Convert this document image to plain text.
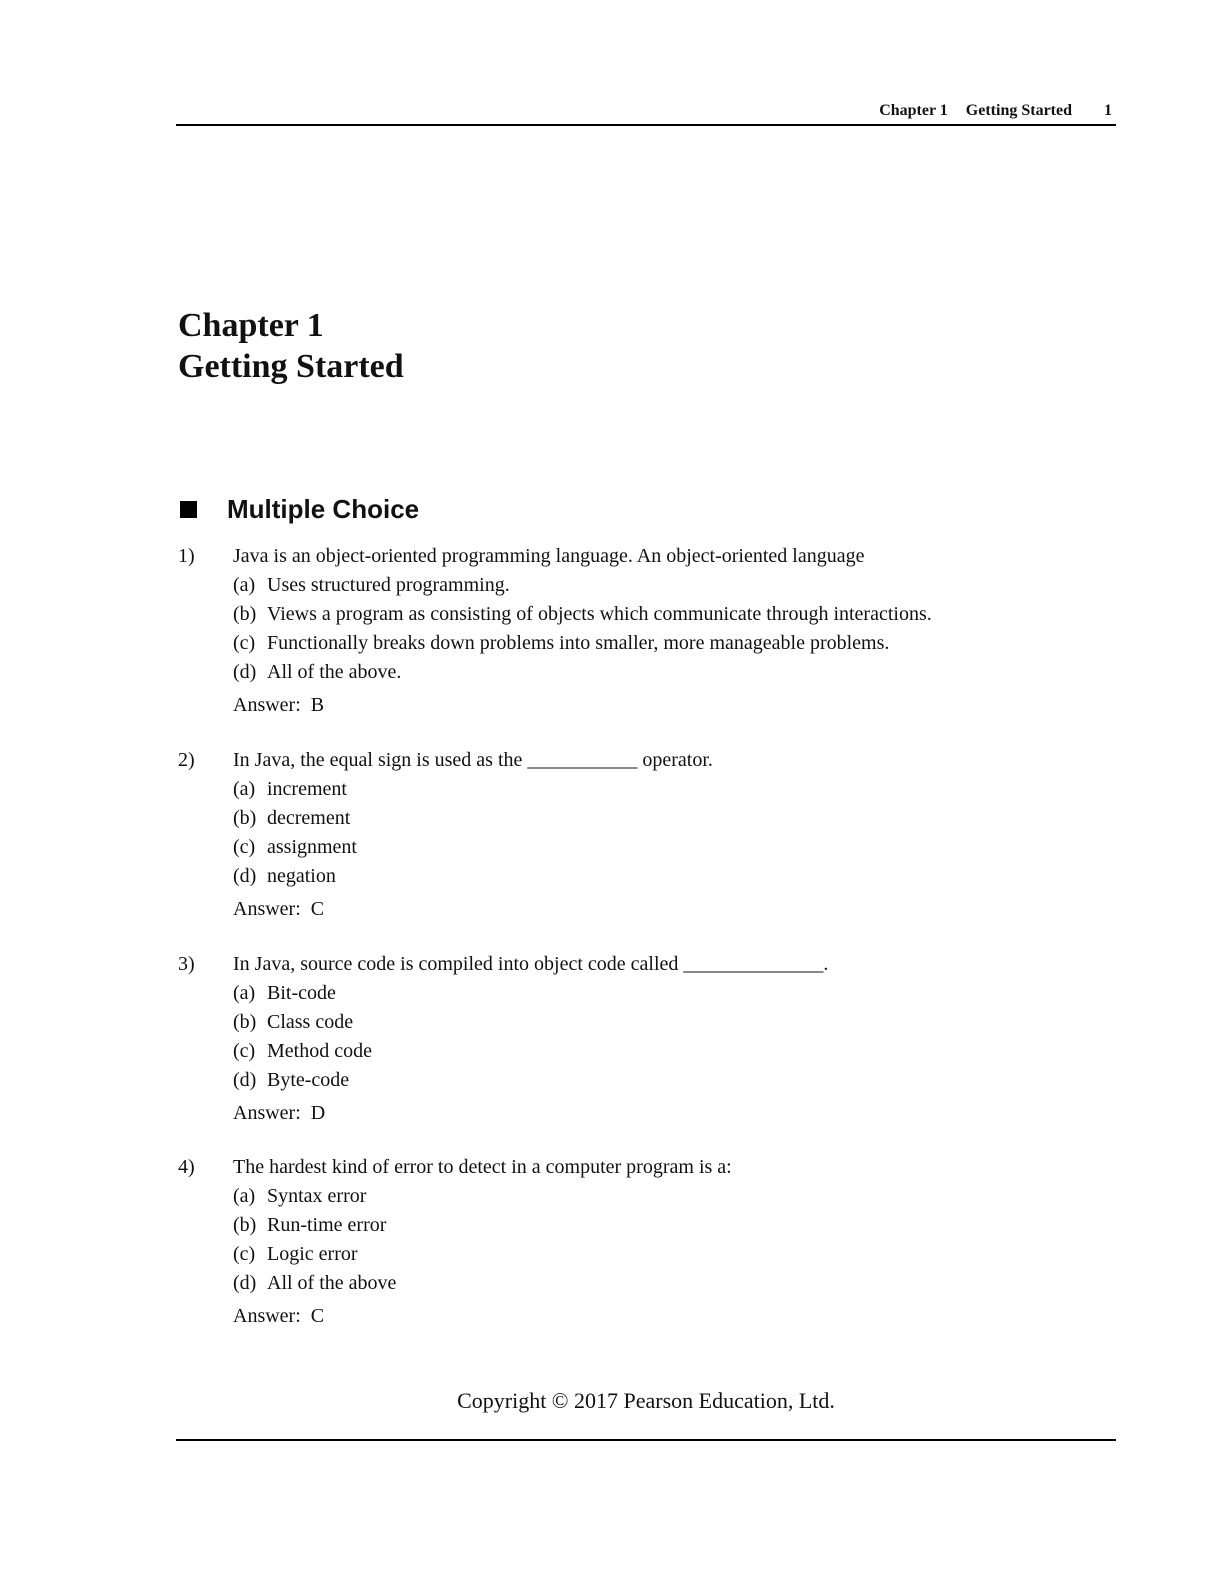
Chapter 1 Getting Started 1
Chapter 1
Getting Started
Multiple Choice
1) Java is an object-oriented programming language. An object-oriented language
(a) Uses structured programming.
(b) Views a program as consisting of objects which communicate through interactions.
(c) Functionally breaks down problems into smaller, more manageable problems.
(d) All of the above.
Answer:  B
2) In Java, the equal sign is used as the ___________ operator.
(a) increment
(b) decrement
(c) assignment
(d) negation
Answer:  C
3) In Java, source code is compiled into object code called ______________.
(a) Bit-code
(b) Class code
(c) Method code
(d) Byte-code
Answer:  D
4) The hardest kind of error to detect in a computer program is a:
(a) Syntax error
(b) Run-time error
(c) Logic error
(d) All of the above
Answer:  C
Copyright © 2017 Pearson Education, Ltd.
